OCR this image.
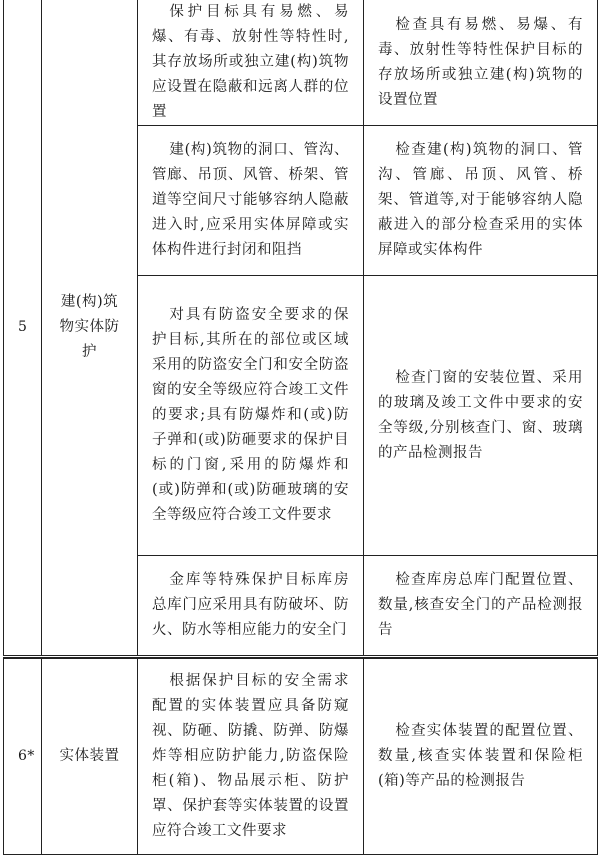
5	建(构)筑物实体防护	保护目标具有易燃、易爆、有毒、放射性等特性时,其存放场所或独立建(构)筑物应设置在隐蔽和远离人群的位置	检查具有易燃、易爆、有毒、放射性等特性保护目标的存放场所或独立建(构)筑物的设置位置

		建(构)筑物的洞口、管沟、管廊、吊顶、风管、桥架、管道等空间尺寸能够容纳人隐蔽进入时,应采用实体屏障或实体构件进行封闭和阻挡	检查建(构)筑物的洞口、管沟、管廊、吊顶、风管、桥架、管道等,对于能够容纳人隐蔽进入的部分检查采用的实体屏障或实体构件

		对具有防盗安全要求的保护目标,其所在的部位或区域采用的防盗安全门和安全防盗窗的安全等级应符合竣工文件的要求;具有防爆炸和(或)防子弹和(或)防砸要求的保护目标的门窗,采用的防爆炸和(或)防弹和(或)防砸玻璃的安全等级应符合竣工文件要求	检查门窗的安装位置、采用的玻璃及竣工文件中要求的安全等级,分别核查门、窗、玻璃的产品检测报告

		金库等特殊保护目标库房总库门应采用具有防破坏、防火、防水等相应能力的安全门	检查库房总库门配置位置、数量,核查安全门的产品检测报告

6*	实体装置	根据保护目标的安全需求配置的实体装置应具备防窥视、防砸、防撬、防弹、防爆炸等相应防护能力,防盗保险柜(箱)、物品展示柜、防护罩、保护套等实体装置的设置应符合竣工文件要求	检查实体装置的配置位置、数量,核查实体装置和保险柜(箱)等产品的检测报告
